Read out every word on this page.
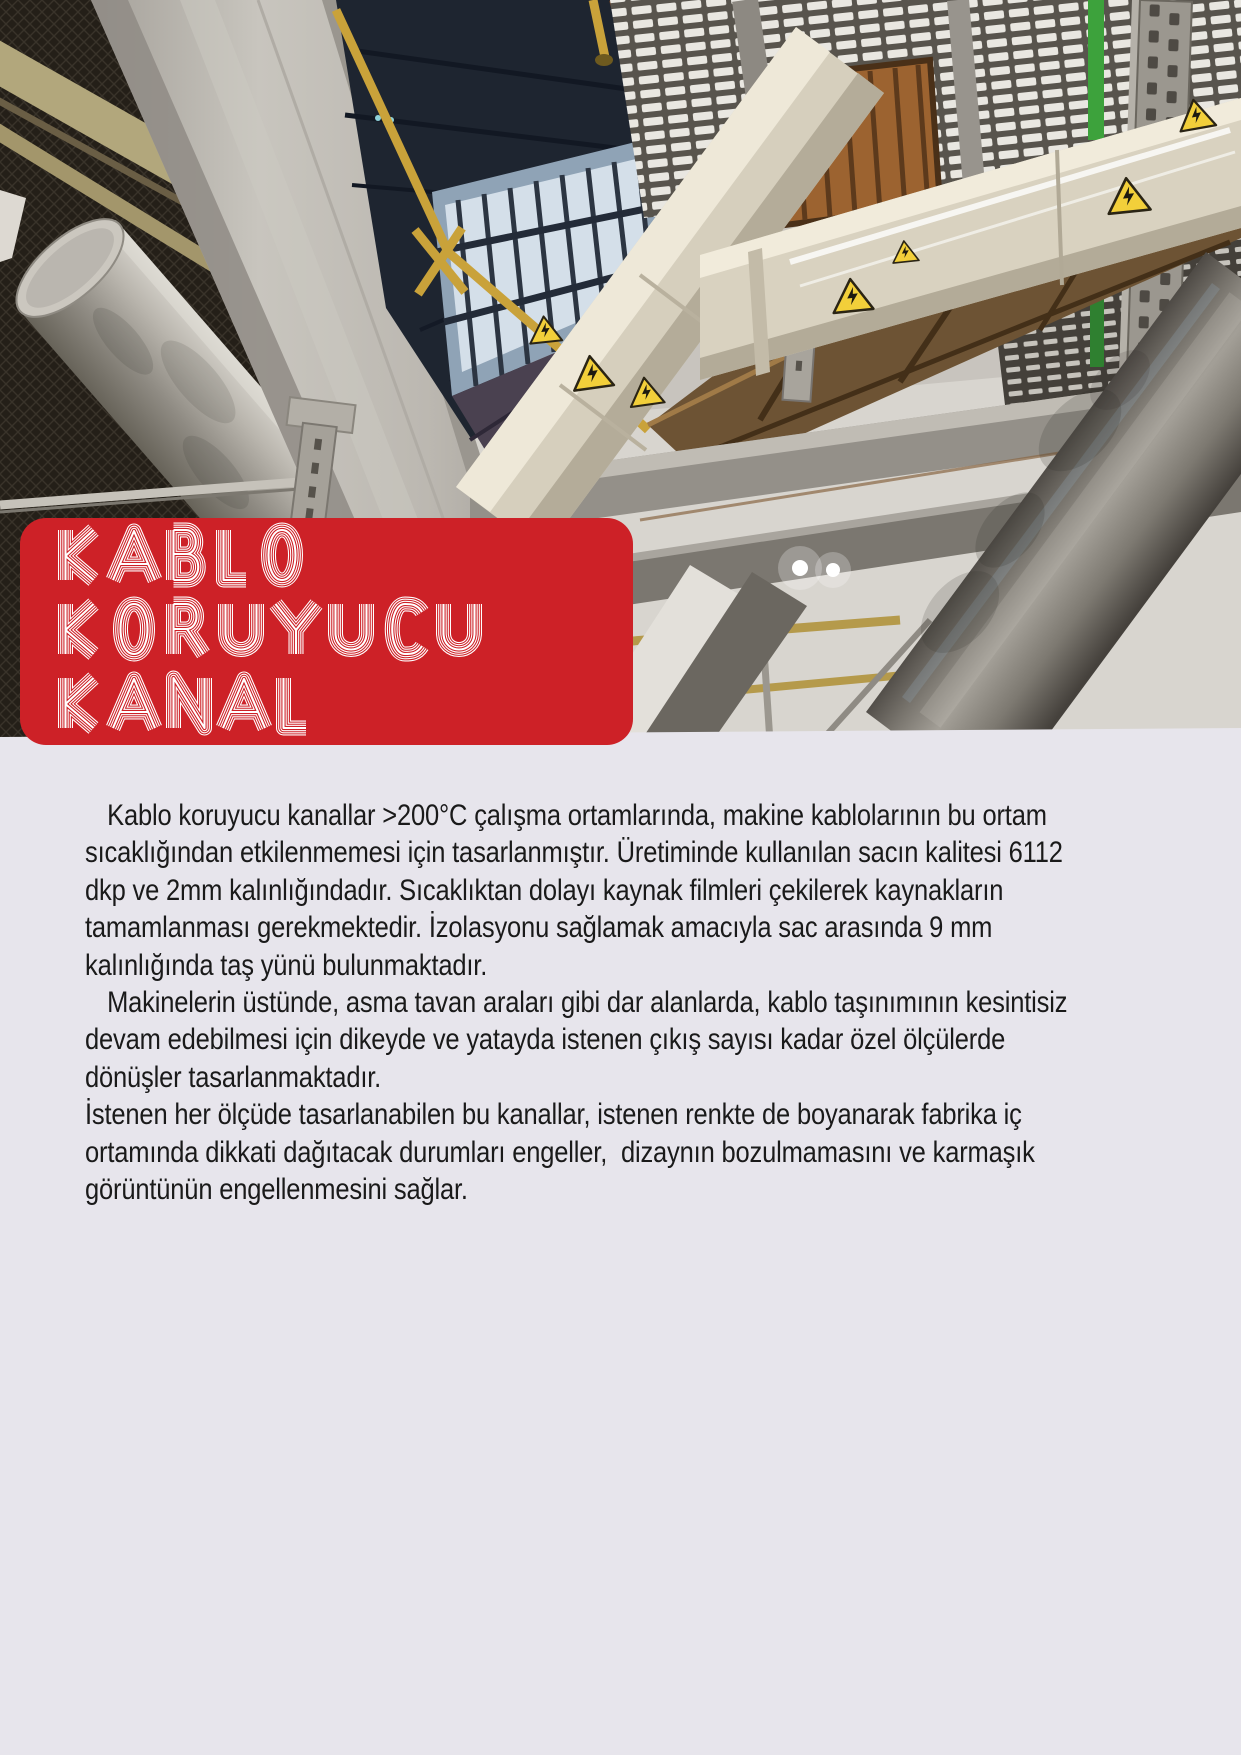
Kablo koruyucu kanallar >200°C çalışma ortamlarında, makine kablolarının bu ortam
sıcaklığından etkilenmemesi için tasarlanmıştır. Üretiminde kullanılan sacın kalitesi 6112
dkp ve 2mm kalınlığındadır. Sıcaklıktan dolayı kaynak filmleri çekilerek kaynakların
tamamlanması gerekmektedir. İzolasyonu sağlamak amacıyla sac arasında 9 mm
kalınlığında taş yünü bulunmaktadır.
Makinelerin üstünde, asma tavan araları gibi dar alanlarda, kablo taşınımının kesintisiz
devam edebilmesi için dikeyde ve yatayda istenen çıkış sayısı kadar özel ölçülerde
dönüşler tasarlanmaktadır.
İstenen her ölçüde tasarlanabilen bu kanallar, istenen renkte de boyanarak fabrika iç
ortamında dikkati dağıtacak durumları engeller,  dizaynın bozulmamasını ve karmaşık
görüntünün engellenmesini sağlar.
